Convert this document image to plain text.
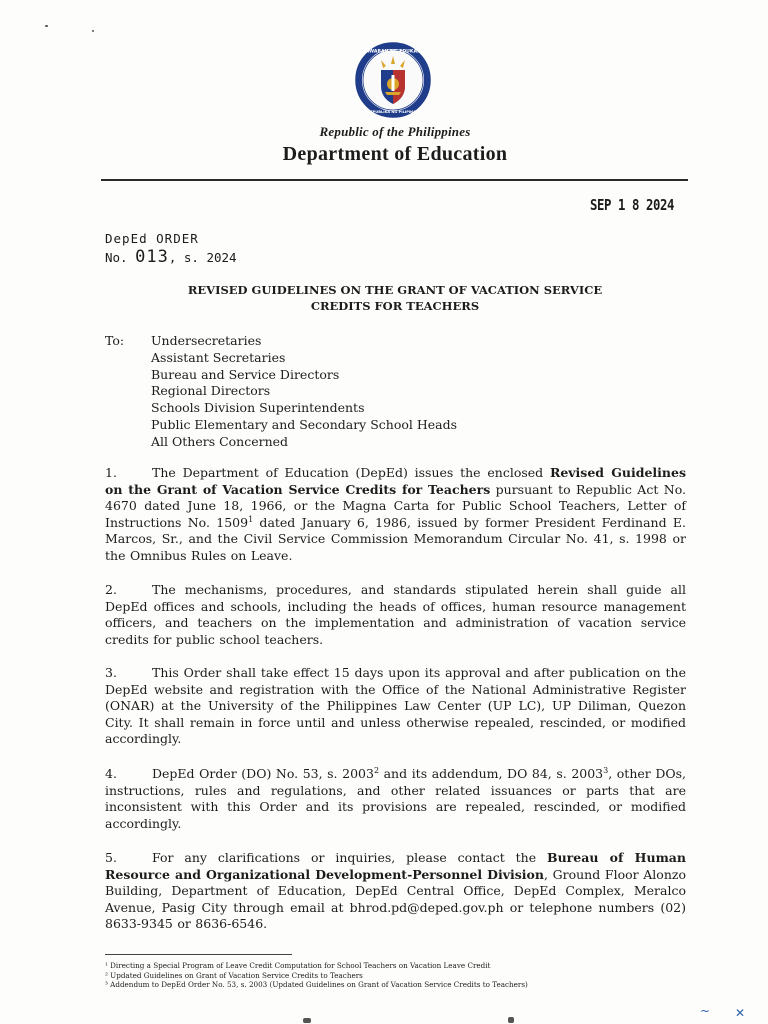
KAGAWARAN NG EDUKASYON
REPUBLIKA NG PILIPINAS
Republic of the Philippines
Department of Education
SEP 1 8 2024
DepEd ORDER
No. 013, s. 2024
REVISED GUIDELINES ON THE GRANT OF VACATION SERVICE
CREDITS FOR TEACHERS
To: Undersecretaries
Assistant Secretaries
Bureau and Service Directors
Regional Directors
Schools Division Superintendents
Public Elementary and Secondary School Heads
All Others Concerned

1.	The Department of Education (DepEd) issues the enclosed Revised Guidelines on the Grant of Vacation Service Credits for Teachers pursuant to Republic Act No. 4670 dated June 18, 1966, or the Magna Carta for Public School Teachers, Letter of Instructions No. 1509$^1$ dated January 6, 1986, issued by former President Ferdinand E. Marcos, Sr., and the Civil Service Commission Memorandum Circular No. 41, s. 1998 or the Omnibus Rules on Leave.

2.	The mechanisms, procedures, and standards stipulated herein shall guide all DepEd offices and schools, including the heads of offices, human resource management officers, and teachers on the implementation and administration of vacation service credits for public school teachers.

3.	This Order shall take effect 15 days upon its approval and after publication on the DepEd website and registration with the Office of the National Administrative Register (ONAR) at the University of the Philippines Law Center (UP LC), UP Diliman, Quezon City. It shall remain in force until and unless otherwise repealed, rescinded, or modified accordingly.

4.	DepEd Order (DO) No. 53, s. 2003$^2$ and its addendum, DO 84, s. 2003$^3$, other DOs, instructions, rules and regulations, and other related issuances or parts that are inconsistent with this Order and its provisions are repealed, rescinded, or modified accordingly.

5.	For any clarifications or inquiries, please contact the Bureau of Human Resource and Organizational Development-Personnel Division, Ground Floor Alonzo Building, Department of Education, DepEd Central Office, DepEd Complex, Meralco Avenue, Pasig City through email at bhrod.pd@deped.gov.ph or telephone numbers (02) 8633-9345 or 8636-6546.

¹ Directing a Special Program of Leave Credit Computation for School Teachers on Vacation Leave Credit
² Updated Guidelines on Grant of Vacation Service Credits to Teachers
³ Addendum to DepEd Order No. 53, s. 2003 (Updated Guidelines on Grant of Vacation Service Credits to Teachers)
~ ✕
